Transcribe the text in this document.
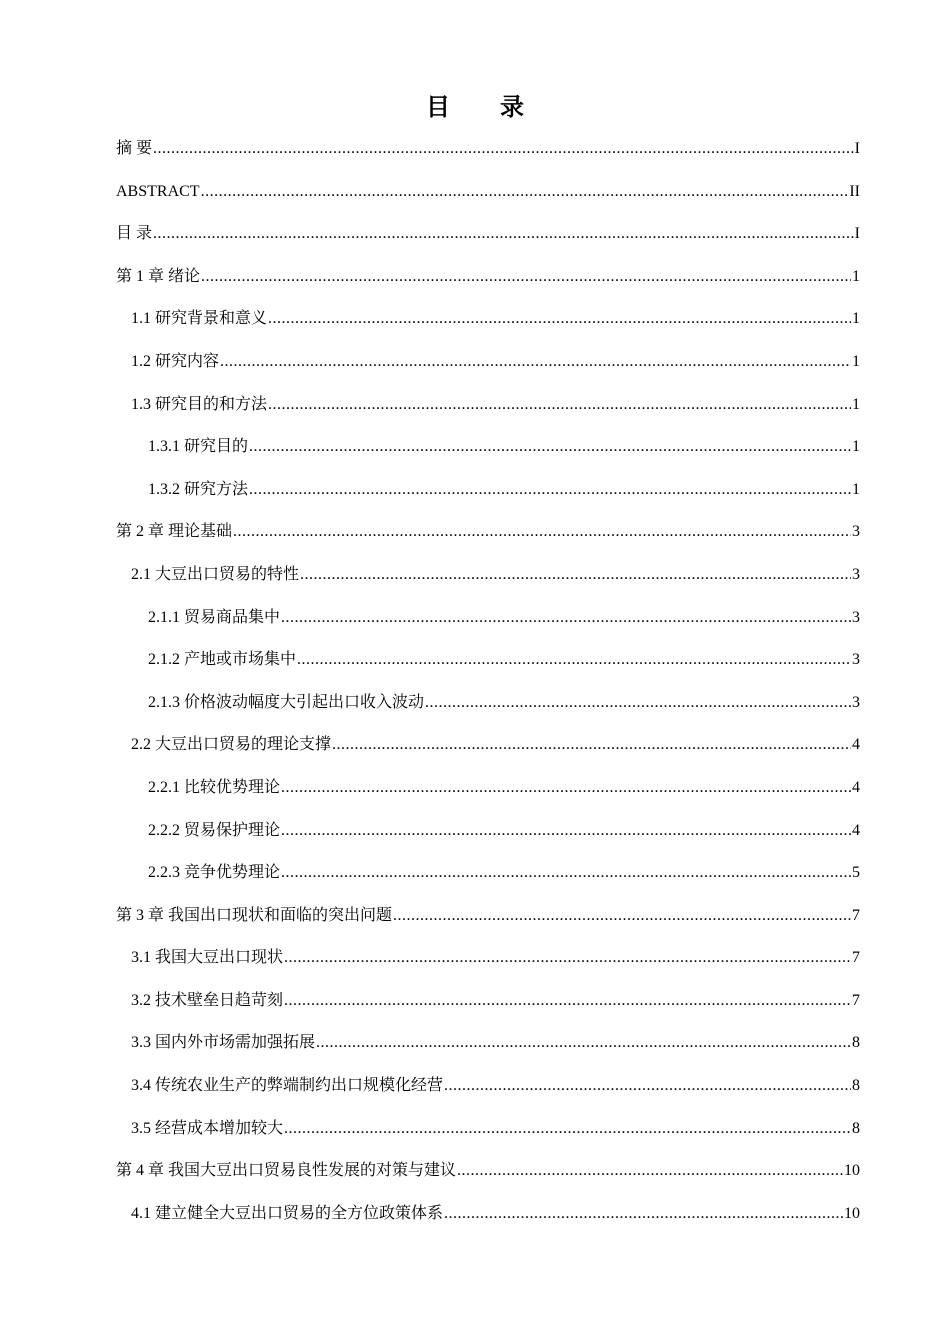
目 录
摘 要 .....	I
ABSTRACT .....	II
目 录 .....	I
第 1 章 绪论 .....	1
1.1 研究背景和意义 .....	1
1.2 研究内容 .....	1
1.3 研究目的和方法 .....	1
1.3.1 研究目的 .....	1
1.3.2 研究方法 .....	1
第 2 章 理论基础 .....	3
2.1 大豆出口贸易的特性 .....	3
2.1.1 贸易商品集中 .....	3
2.1.2 产地或市场集中 .....	3
2.1.3 价格波动幅度大引起出口收入波动 .....	3
2.2 大豆出口贸易的理论支撑 .....	4
2.2.1 比较优势理论 .....	4
2.2.2 贸易保护理论 .....	4
2.2.3 竞争优势理论 .....	5
第 3 章 我国出口现状和面临的突出问题 .....	7
3.1 我国大豆出口现状 .....	7
3.2 技术壁垒日趋苛刻 .....	7
3.3 国内外市场需加强拓展 .....	8
3.4 传统农业生产的弊端制约出口规模化经营 .....	8
3.5 经营成本增加较大 .....	8
第 4 章 我国大豆出口贸易良性发展的对策与建议 .....	10
4.1 建立健全大豆出口贸易的全方位政策体系 .....	10
